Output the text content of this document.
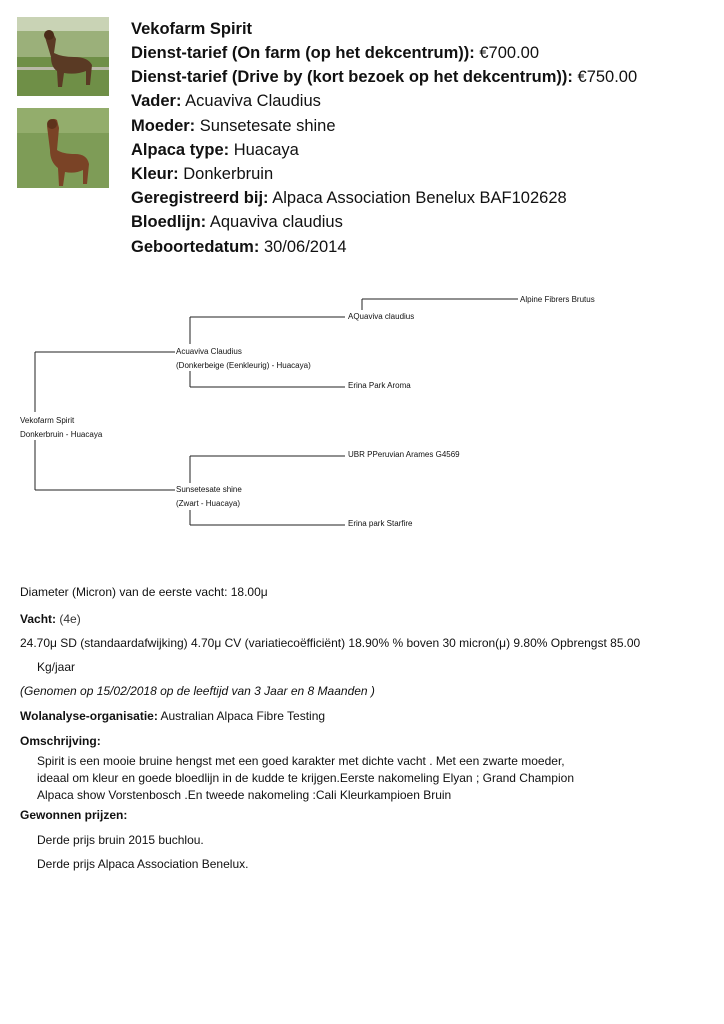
Vekofarm Spirit
Dienst-tarief (On farm (op het dekcentrum)): €700.00
Dienst-tarief (Drive by (kort bezoek op het dekcentrum)): €750.00
Vader: Acuaviva Claudius
Moeder: Sunsetesate shine
Alpaca type: Huacaya
Kleur: Donkerbruin
Geregistreerd bij: Alpaca Association Benelux BAF102628
Bloedlijn: Aquaviva claudius
Geboortedatum: 30/06/2014
Vekofarm Spirit
Donkerbruin - Huacaya
Acuaviva Claudius
(Donkerbeige (Eenkleurig) - Huacaya)
AQuaviva claudius
Alpine Fibrers Brutus
Erina Park Aroma
Sunsetesate shine
(Zwart - Huacaya)
UBR PPeruvian Arames G4569
Erina park Starfire
Diameter (Micron) van de eerste vacht: 18.00μ
Vacht: (4e)
24.70μ SD (standaardafwijking) 4.70μ CV (variatiecoëfficiënt) 18.90% % boven 30 micron(μ) 9.80% Opbrengst 85.00
Kg/jaar
(Genomen op 15/02/2018 op de leeftijd van 3 Jaar en 8 Maanden )
Wolanalyse-organisatie: Australian Alpaca Fibre Testing
Omschrijving:
Spirit is een mooie bruine hengst met een goed karakter met dichte vacht . Met een zwarte moeder,
ideaal om kleur en goede bloedlijn in de kudde te krijgen.Eerste nakomeling Elyan ; Grand Champion
Alpaca show Vorstenbosch .En tweede nakomeling :Cali Kleurkampioen Bruin
Gewonnen prijzen:
Derde prijs bruin 2015 buchlou.
Derde prijs Alpaca Association Benelux.
